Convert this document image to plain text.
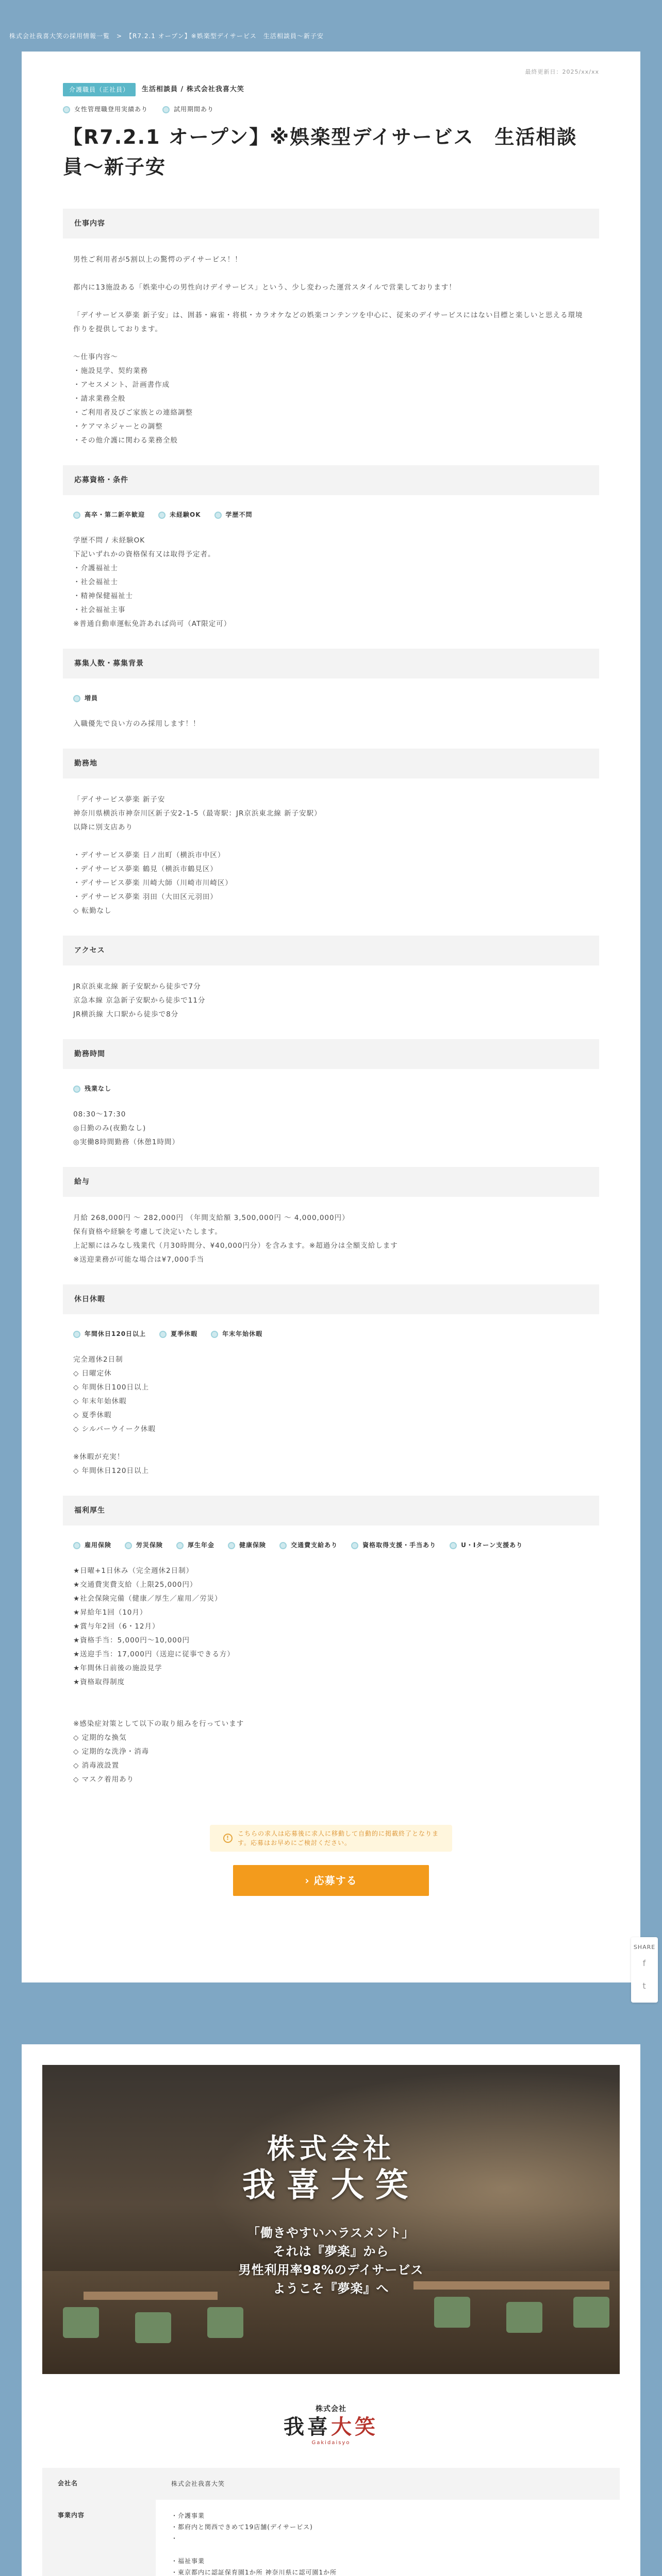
株式会社我喜大笑の採用情報一覧　>　【R7.2.1 オープン】※娯楽型デイサービス　生活相談員〜新子安
最終更新日：2025/xx/xx
介護職員（正社員）	生活相談員 / 株式会社我喜大笑
女性管理職登用実績あり	試用期間あり
【R7.2.1 オープン】※娯楽型デイサービス　生活相談員〜新子安
仕事内容
男性ご利用者が5割以上の驚愕のデイサービス！！

都内に13施設ある「娯楽中心の男性向けデイサービス」という、少し変わった運営スタイルで営業しております！

「デイサービス夢楽 新子安」は、囲碁・麻雀・将棋・カラオケなどの娯楽コンテンツを中心に、従来のデイサービスにはない目標と楽しいと思える環境作りを提供しております。

〜仕事内容〜
・施設見学、契約業務
・アセスメント、計画書作成
・請求業務全般
・ご利用者及びご家族との連絡調整
・ケアマネジャーとの調整
・その他介護に関わる業務全般
応募資格・条件
高卒・第二新卒歓迎	未経験OK	学歴不問
学歴不問 / 未経験OK
下記いずれかの資格保有又は取得予定者。
・介護福祉士
・社会福祉士
・精神保健福祉士
・社会福祉主事
※普通自動車運転免許あれば尚可（AT限定可）
募集人数・募集背景
増員
入職優先で良い方のみ採用します！！
勤務地
「デイサービス夢楽 新子安
神奈川県横浜市神奈川区新子安2-1-5（最寄駅：JR京浜東北線 新子安駅）
以降に別支店あり

・デイサービス夢楽 日ノ出町（横浜市中区）
・デイサービス夢楽 鶴見（横浜市鶴見区）
・デイサービス夢楽 川崎大師（川崎市川崎区）
・デイサービス夢楽 羽田（大田区元羽田）
◇ 転勤なし
アクセス
JR京浜東北線 新子安駅から徒歩で7分
京急本線 京急新子安駅から徒歩で11分
JR横浜線 大口駅から徒歩で8分
勤務時間
残業なし
08:30〜17:30
◎日勤のみ(夜勤なし)
◎実働8時間勤務（休憩1時間）
給与
月給 268,000円 〜 282,000円 （年間支給額 3,500,000円 〜 4,000,000円）
保有資格や経験を考慮して決定いたします。
上記額にはみなし残業代（月30時間分、¥40,000円分）を含みます。※超過分は全額支給します
※送迎業務が可能な場合は¥7,000手当
休日休暇
年間休日120日以上	夏季休暇	年末年始休暇
完全週休2日制
◇ 日曜定休
◇ 年間休日100日以上
◇ 年末年始休暇
◇ 夏季休暇
◇ シルバーウイーク休暇

※休暇が充実！
◇ 年間休日120日以上
福利厚生
雇用保険	労災保険	厚生年金	健康保険	交通費支給あり	資格取得支援・手当あり	U・Iターン支援あり
★日曜+1日休み（完全週休2日制）
★交通費実費支給（上限25,000円）
★社会保険完備（健康／厚生／雇用／労災）
★昇給年1回（10月）
★賞与年2回（6・12月）
★資格手当：5,000円〜10,000円
★送迎手当：17,000円（送迎に従事できる方）
★年間休日前後の施設見学
★資格取得制度

※感染症対策として以下の取り組みを行っています
◇ 定期的な換気
◇ 定期的な洗浄・消毒
◇ 消毒液設置
◇ マスク着用あり
!
こちらの求人は応募後に求人に移動して自動的に掲載終了となります。応募はお早めにご検討ください。
› 応募する
SHARE
f
t
株式会社
我喜大笑
「働きやすいハラスメント」
それは『夢楽』から
男性利用率98%のデイサービス
ようこそ『夢楽』へ
株式会社
我喜大笑
Gakidaisyo
会社名	株式会社我喜大笑
事業内容	・介護事業
・都府内と関西できめて19店舗(デイサービス)
・

・福祉事業
・東京都内に認証保育園1か所 神奈川県に認可園1か所
